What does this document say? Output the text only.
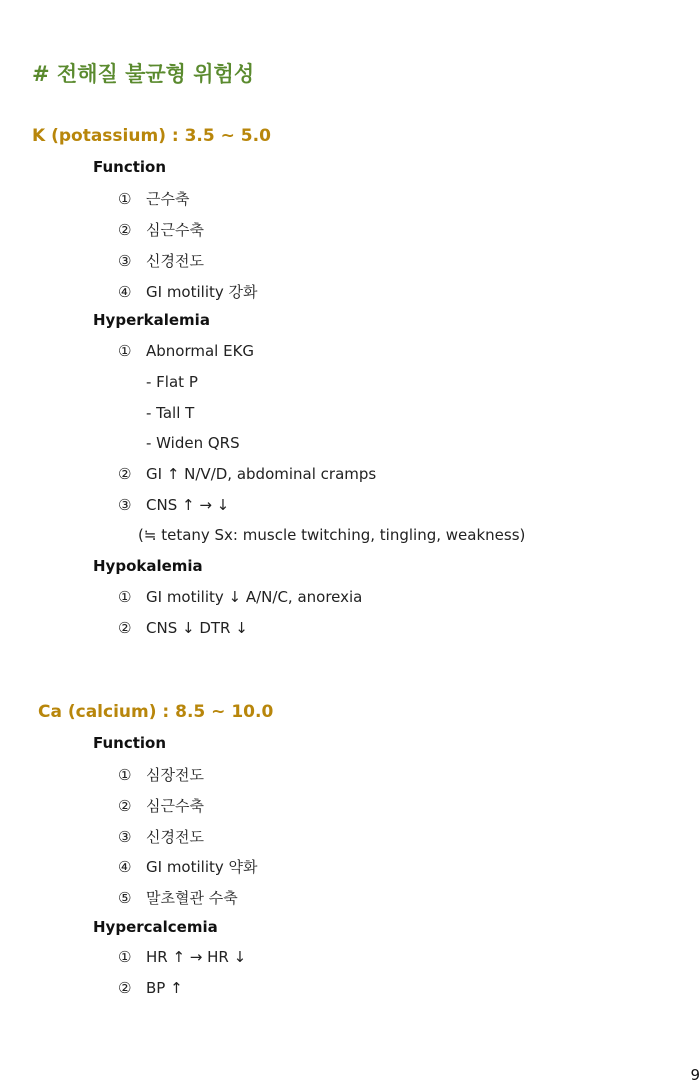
# 전해질 불균형 위험성
K (potassium) : 3.5 ~ 5.0
Function
① 근수축
② 심근수축
③ 신경전도
④ GI motility 강화
Hyperkalemia
① Abnormal EKG
- Flat P
- Tall T
- Widen QRS
② GI ↑ N/V/D, abdominal cramps
③ CNS ↑ → ↓
(≒ tetany Sx: muscle twitching, tingling, weakness)
Hypokalemia
① GI motility ↓ A/N/C, anorexia
② CNS ↓ DTR ↓
Ca (calcium) : 8.5 ~ 10.0
Function
① 심장전도
② 심근수축
③ 신경전도
④ GI motility 약화
⑤ 말초혈관 수축
Hypercalcemia
① HR ↑ → HR ↓
② BP ↑
9
